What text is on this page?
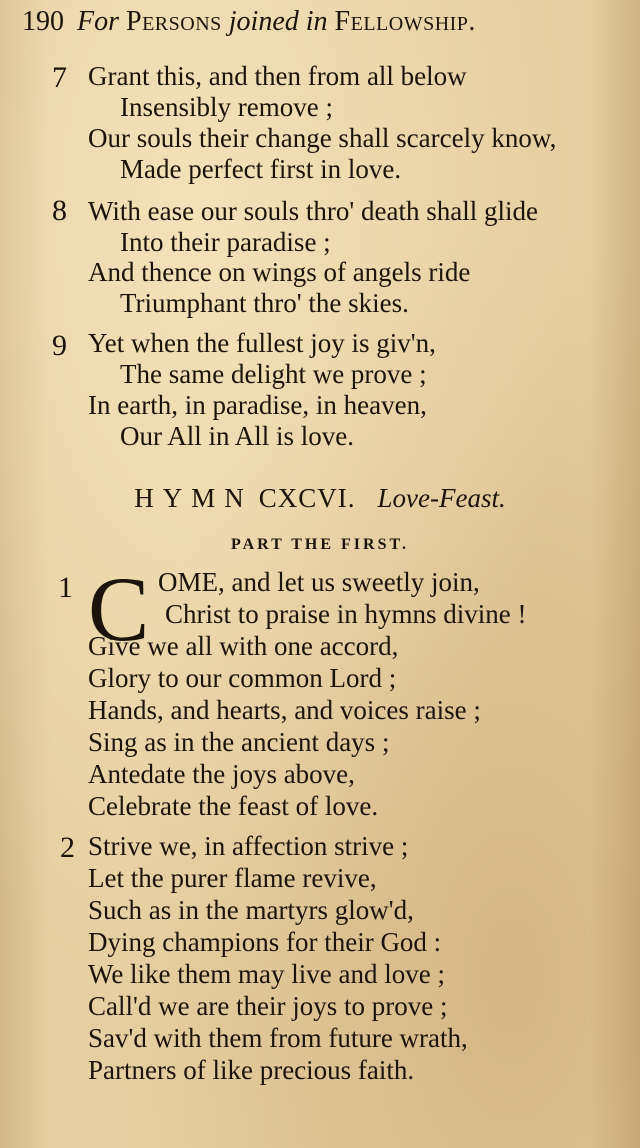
190 For Persons joined in Fellowship.
7 Grant this, and then from all below
Insensibly remove ;
Our souls their change shall scarcely know,
Made perfect first in love.
8 With ease our souls thro' death shall glide
Into their paradise ;
And thence on wings of angels ride
Triumphant thro' the skies.
9 Yet when the fullest joy is giv'n,
The same delight we prove ;
In earth, in paradise, in heaven,
Our All in All is love.
HYMN CXCVI. Love-Feast.
PART THE FIRST.
1 C OME, and let us sweetly join,
Christ to praise in hymns divine !
Give we all with one accord,
Glory to our common Lord ;
Hands, and hearts, and voices raise ;
Sing as in the ancient days ;
Antedate the joys above,
Celebrate the feast of love.
2 Strive we, in affection strive ;
Let the purer flame revive,
Such as in the martyrs glow'd,
Dying champions for their God :
We like them may live and love ;
Call'd we are their joys to prove ;
Sav'd with them from future wrath,
Partners of like precious faith.
